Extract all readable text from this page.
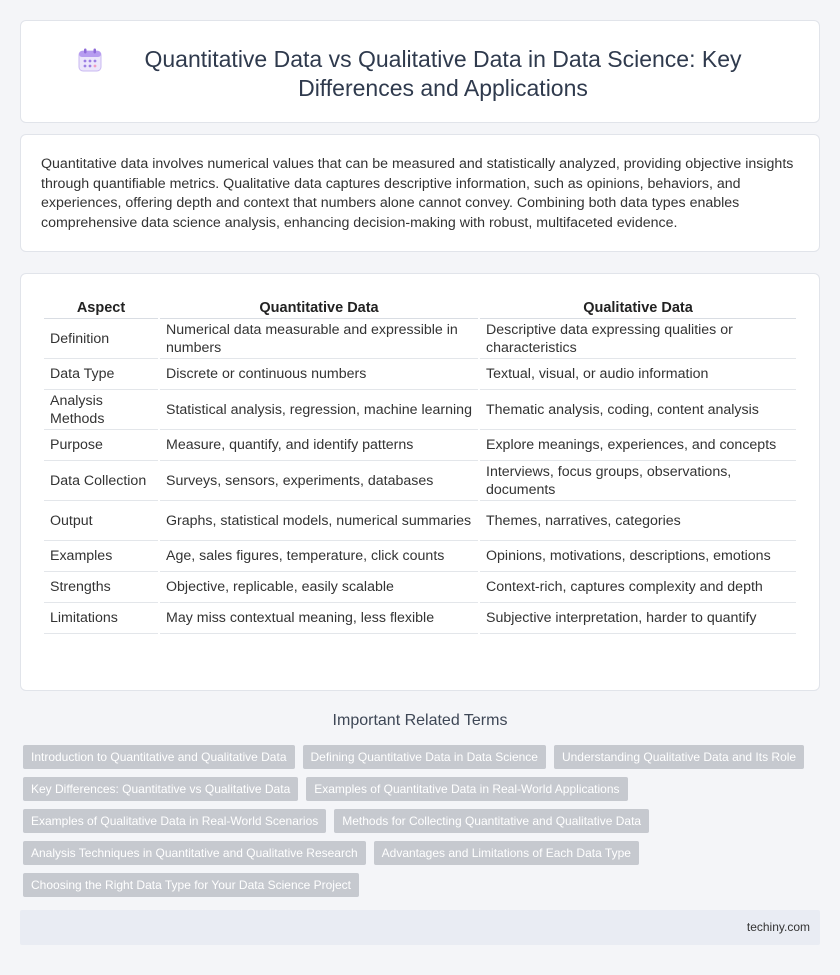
Quantitative Data vs Qualitative Data in Data Science: Key Differences and Applications

Quantitative data involves numerical values that can be measured and statistically analyzed, providing objective insights through quantifiable metrics. Qualitative data captures descriptive information, such as opinions, behaviors, and experiences, offering depth and context that numbers alone cannot convey. Combining both data types enables comprehensive data science analysis, enhancing decision-making with robust, multifaceted evidence.

Aspect	Quantitative Data	Qualitative Data
Definition	Numerical data measurable and expressible in numbers	Descriptive data expressing qualities or characteristics
Data Type	Discrete or continuous numbers	Textual, visual, or audio information
Analysis Methods	Statistical analysis, regression, machine learning	Thematic analysis, coding, content analysis
Purpose	Measure, quantify, and identify patterns	Explore meanings, experiences, and concepts
Data Collection	Surveys, sensors, experiments, databases	Interviews, focus groups, observations, documents
Output	Graphs, statistical models, numerical summaries	Themes, narratives, categories
Examples	Age, sales figures, temperature, click counts	Opinions, motivations, descriptions, emotions
Strengths	Objective, replicable, easily scalable	Context-rich, captures complexity and depth
Limitations	May miss contextual meaning, less flexible	Subjective interpretation, harder to quantify
Important Related Terms
Introduction to Quantitative and Qualitative Data	Defining Quantitative Data in Data Science	Understanding Qualitative Data and Its Role
Key Differences: Quantitative vs Qualitative Data	Examples of Quantitative Data in Real-World Applications
Examples of Qualitative Data in Real-World Scenarios	Methods for Collecting Quantitative and Qualitative Data
Analysis Techniques in Quantitative and Qualitative Research	Advantages and Limitations of Each Data Type
Choosing the Right Data Type for Your Data Science Project
techiny.com
